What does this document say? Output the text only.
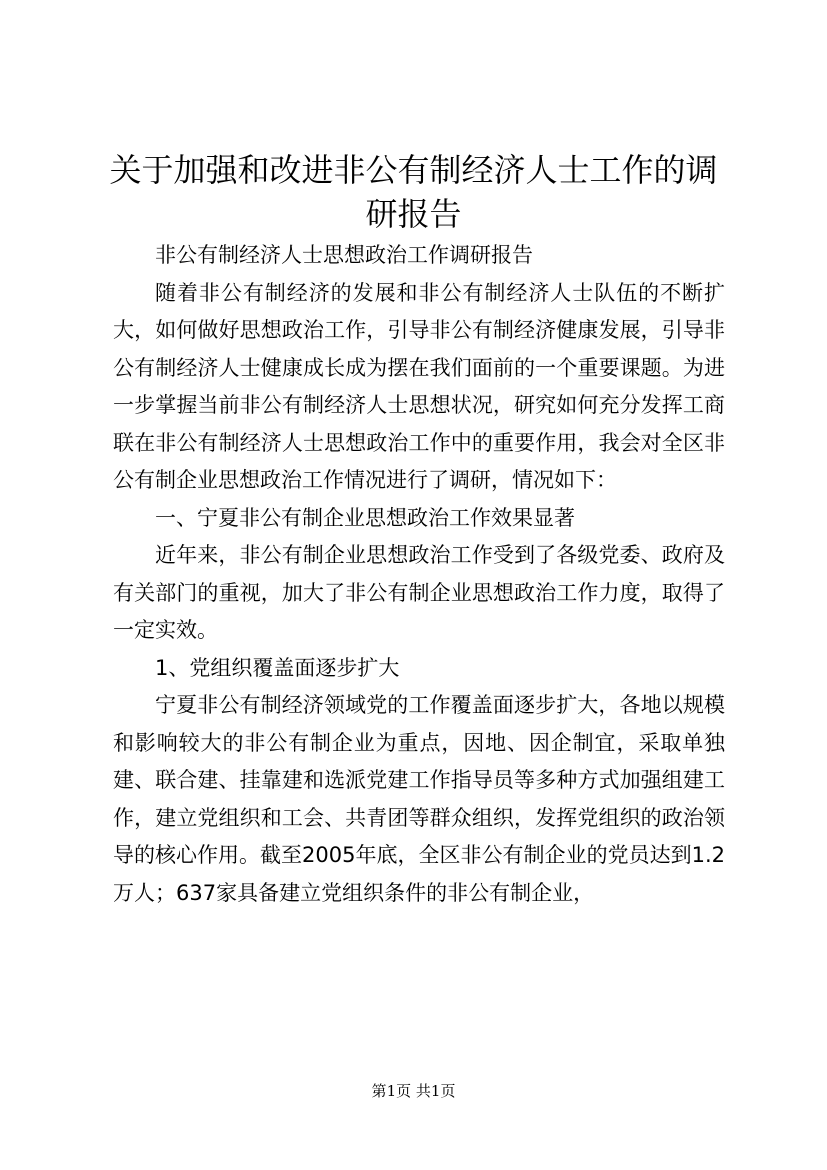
关于加强和改进非公有制经济人士工作的调研报告

非公有制经济人士思想政治工作调研报告

随着非公有制经济的发展和非公有制经济人士队伍的不断扩大，如何做好思想政治工作，引导非公有制经济健康发展，引导非公有制经济人士健康成长成为摆在我们面前的一个重要课题。为进一步掌握当前非公有制经济人士思想状况，研究如何充分发挥工商联在非公有制经济人士思想政治工作中的重要作用，我会对全区非公有制企业思想政治工作情况进行了调研，情况如下：

一、宁夏非公有制企业思想政治工作效果显著

近年来，非公有制企业思想政治工作受到了各级党委、政府及有关部门的重视，加大了非公有制企业思想政治工作力度，取得了一定实效。

1、党组织覆盖面逐步扩大

宁夏非公有制经济领域党的工作覆盖面逐步扩大，各地以规模和影响较大的非公有制企业为重点，因地、因企制宜，采取单独建、联合建、挂靠建和选派党建工作指导员等多种方式加强组建工作，建立党组织和工会、共青团等群众组织，发挥党组织的政治领导的核心作用。截至2005年底，全区非公有制企业的党员达到1.2万人；637家具备建立党组织条件的非公有制企业，

第1页 共1页
